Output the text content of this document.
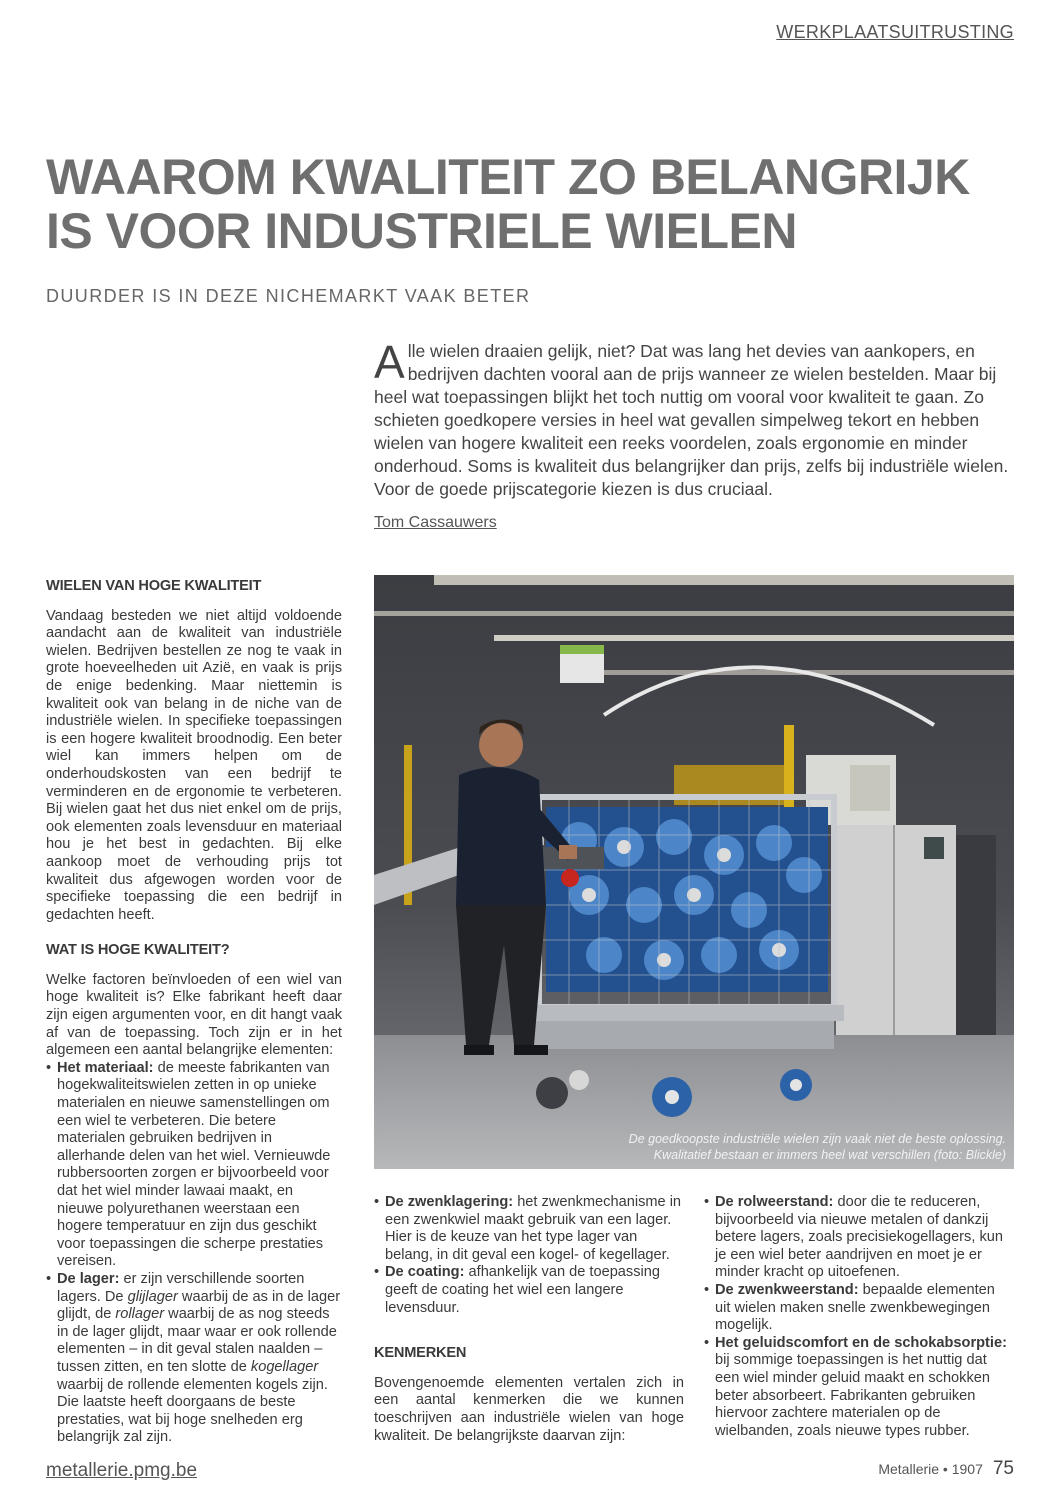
WERKPLAATSUITRUSTING
WAAROM KWALITEIT ZO BELANGRIJK IS VOOR INDUSTRIELE WIELEN
DUURDER IS IN DEZE NICHEMARKT VAAK BETER

Alle wielen draaien gelijk, niet? Dat was lang het devies van aankopers, en bedrijven dachten vooral aan de prijs wanneer ze wielen bestelden. Maar bij heel wat toepassingen blijkt het toch nuttig om vooral voor kwaliteit te gaan. Zo schieten goedkopere versies in heel wat gevallen simpelweg tekort en hebben wielen van hogere kwaliteit een reeks voordelen, zoals ergonomie en minder onderhoud. Soms is kwaliteit dus belangrijker dan prijs, zelfs bij industriële wielen. Voor de goede prijscategorie kiezen is dus cruciaal.

Tom Cassauwers
WIELEN VAN HOGE KWALITEIT

Vandaag besteden we niet altijd voldoende aandacht aan de kwaliteit van industriële wielen. Bedrijven bestellen ze nog te vaak in grote hoeveelheden uit Azië, en vaak is prijs de enige bedenking. Maar niettemin is kwaliteit ook van belang in de niche van de industriële wielen. In specifieke toepassingen is een hogere kwaliteit broodnodig. Een beter wiel kan immers helpen om de onderhoudskosten van een bedrijf te verminderen en de ergonomie te verbeteren. Bij wielen gaat het dus niet enkel om de prijs, ook elementen zoals levensduur en materiaal hou je het best in gedachten. Bij elke aankoop moet de verhouding prijs tot kwaliteit dus afgewogen worden voor de specifieke toepassing die een bedrijf in gedachten heeft.

WAT IS HOGE KWALITEIT?

Welke factoren beïnvloeden of een wiel van hoge kwaliteit is? Elke fabrikant heeft daar zijn eigen argumenten voor, en dit hangt vaak af van de toepassing. Toch zijn er in het algemeen een aantal belangrijke elementen:

• Het materiaal: de meeste fabrikanten van hogekwaliteitswielen zetten in op unieke materialen en nieuwe samenstellingen om een wiel te verbeteren. Die betere materialen gebruiken bedrijven in allerhande delen van het wiel. Vernieuwde rubbersoorten zorgen er bijvoorbeeld voor dat het wiel minder lawaai maakt, en nieuwe polyurethanen weerstaan een hogere temperatuur en zijn dus geschikt voor toepassingen die scherpe prestaties vereisen.
• De lager: er zijn verschillende soorten lagers. De glijlager waarbij de as in de lager glijdt, de rollager waarbij de as nog steeds in de lager glijdt, maar waar er ook rollende elementen – in dit geval stalen naalden – tussen zitten, en ten slotte de kogellager waarbij de rollende elementen kogels zijn. Die laatste heeft doorgaans de beste prestaties, wat bij hoge snelheden erg belangrijk zal zijn.
De goedkoopste industriële wielen zijn vaak niet de beste oplossing.
Kwalitatief bestaan er immers heel wat verschillen (foto: Blickle)
• De zwenklagering: het zwenkmechanisme in een zwenkwiel maakt gebruik van een lager. Hier is de keuze van het type lager van belang, in dit geval een kogel- of kegellager.
• De coating: afhankelijk van de toepassing geeft de coating het wiel een langere levensduur.
KENMERKEN

Bovengenoemde elementen vertalen zich in een aantal kenmerken die we kunnen toeschrijven aan industriële wielen van hoge kwaliteit. De belangrijkste daarvan zijn:

• De rolweerstand: door die te reduceren, bijvoorbeeld via nieuwe metalen of dankzij betere lagers, zoals precisiekogellagers, kun je een wiel beter aandrijven en moet je er minder kracht op uitoefenen.
• De zwenkweerstand: bepaalde elementen uit wielen maken snelle zwenkbewegingen mogelijk.
• Het geluidscomfort en de schokabsorptie: bij sommige toepassingen is het nuttig dat een wiel minder geluid maakt en schokken beter absorbeert. Fabrikanten gebruiken hiervoor zachtere materialen op de wielbanden, zoals nieuwe types rubber.
metallerie.pmg.be	Metallerie • 1907 75
